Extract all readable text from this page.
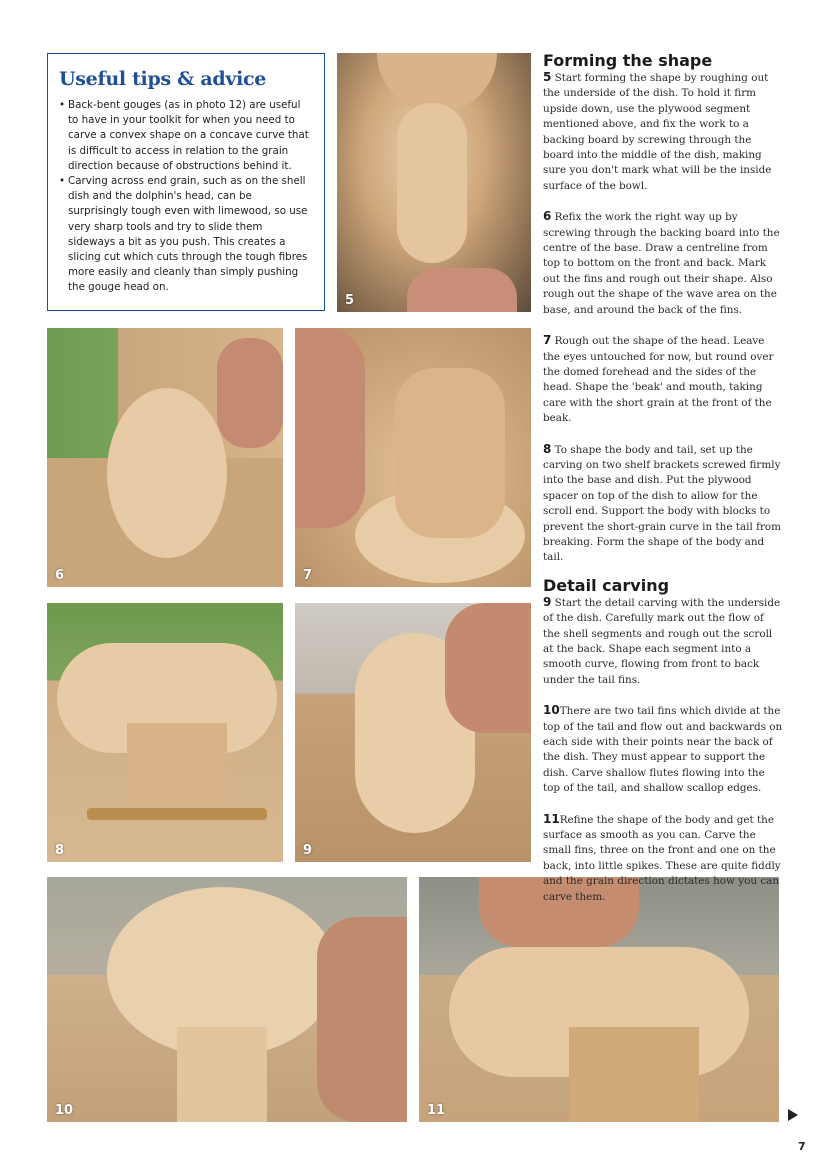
Useful tips & advice
• Back-bent gouges (as in photo 12) are useful to have in your toolkit for when you need to carve a convex shape on a concave curve that is difficult to access in relation to the grain direction because of obstructions behind it.
• Carving across end grain, such as on the shell dish and the dolphin's head, can be surprisingly tough even with limewood, so use very sharp tools and try to slide them sideways a bit as you push. This creates a slicing cut which cuts through the tough fibres more easily and cleanly than simply pushing the gouge head on.
5
6	7
8	9
10	11
Forming the shape

5 Start forming the shape by roughing out the underside of the dish. To hold it firm upside down, use the plywood segment mentioned above, and fix the work to a backing board by screwing through the board into the middle of the dish, making sure you don't mark what will be the inside surface of the bowl.

6 Refix the work the right way up by screwing through the backing board into the centre of the base. Draw a centreline from top to bottom on the front and back. Mark out the fins and rough out their shape. Also rough out the shape of the wave area on the base, and around the back of the fins.

7 Rough out the shape of the head. Leave the eyes untouched for now, but round over the domed forehead and the sides of the head. Shape the 'beak' and mouth, taking care with the short grain at the front of the beak.

8 To shape the body and tail, set up the carving on two shelf brackets screwed firmly into the base and dish. Put the plywood spacer on top of the dish to allow for the scroll end. Support the body with blocks to prevent the short-grain curve in the tail from breaking. Form the shape of the body and tail.

Detail carving

9 Start the detail carving with the underside of the dish. Carefully mark out the flow of the shell segments and rough out the scroll at the back. Shape each segment into a smooth curve, flowing from front to back under the tail fins.

10There are two tail fins which divide at the top of the tail and flow out and backwards on each side with their points near the back of the dish. They must appear to support the dish. Carve shallow flutes flowing into the top of the tail, and shallow scallop edges.

11Refine the shape of the body and get the surface as smooth as you can. Carve the small fins, three on the front and one on the back, into little spikes. These are quite fiddly and the grain direction dictates how you can carve them.

7
